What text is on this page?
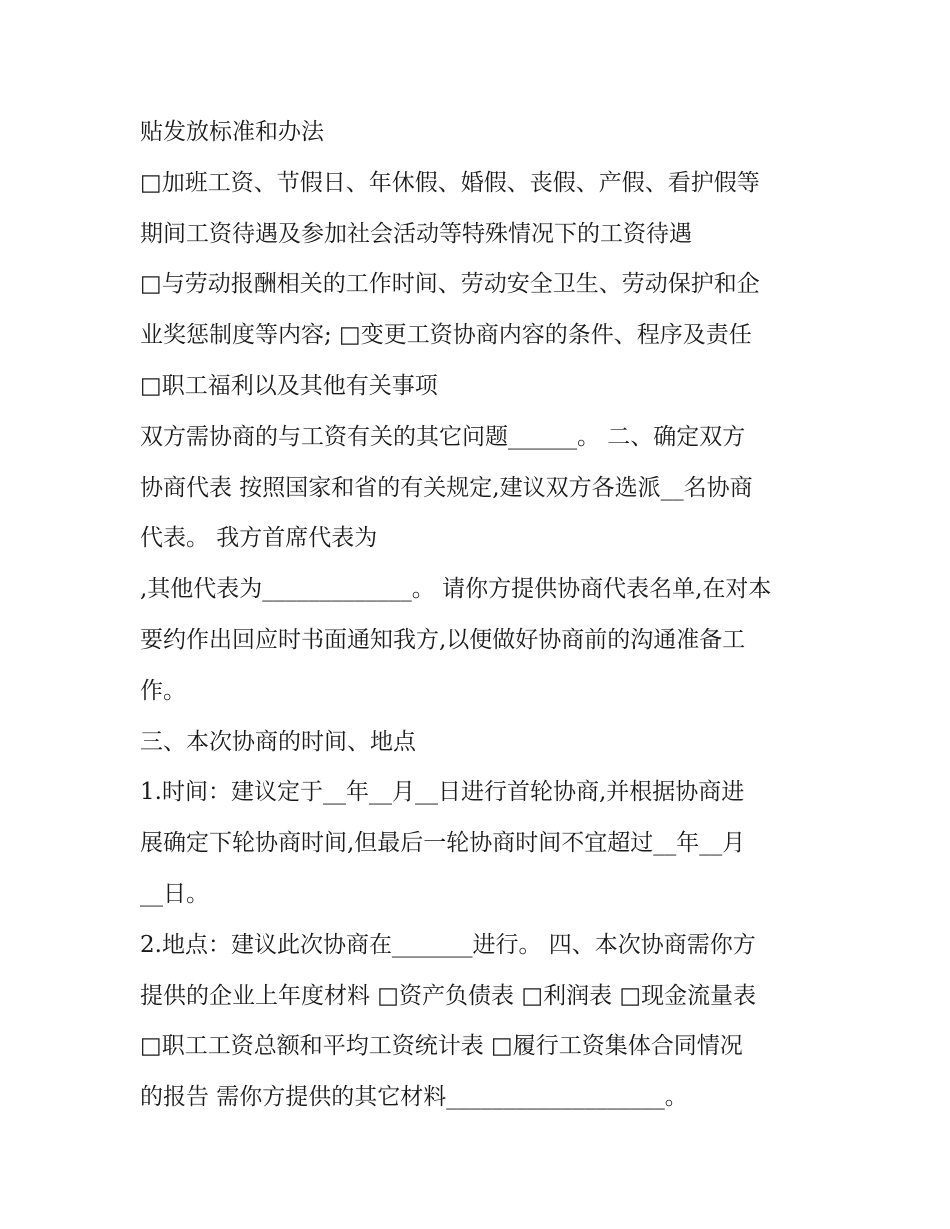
贴发放标准和办法
□加班工资、节假日、年休假、婚假、丧假、产假、看护假等
期间工资待遇及参加社会活动等特殊情况下的工资待遇
□与劳动报酬相关的工作时间、劳动安全卫生、劳动保护和企
业奖惩制度等内容; □变更工资协商内容的条件、程序及责任
□职工福利以及其他有关事项
双方需协商的与工资有关的其它问题______。 二、确定双方
协商代表 按照国家和省的有关规定,建议双方各选派__名协商
代表。 我方首席代表为
,其他代表为_____________。 请你方提供协商代表名单,在对本
要约作出回应时书面通知我方,以便做好协商前的沟通准备工
作。
三、本次协商的时间、地点
1.时间：建议定于__年__月__日进行首轮协商,并根据协商进
展确定下轮协商时间,但最后一轮协商时间不宜超过__年__月
__日。
2.地点：建议此次协商在_______进行。 四、本次协商需你方
提供的企业上年度材料 □资产负债表 □利润表 □现金流量表
□职工工资总额和平均工资统计表 □履行工资集体合同情况
的报告 需你方提供的其它材料___________________。
